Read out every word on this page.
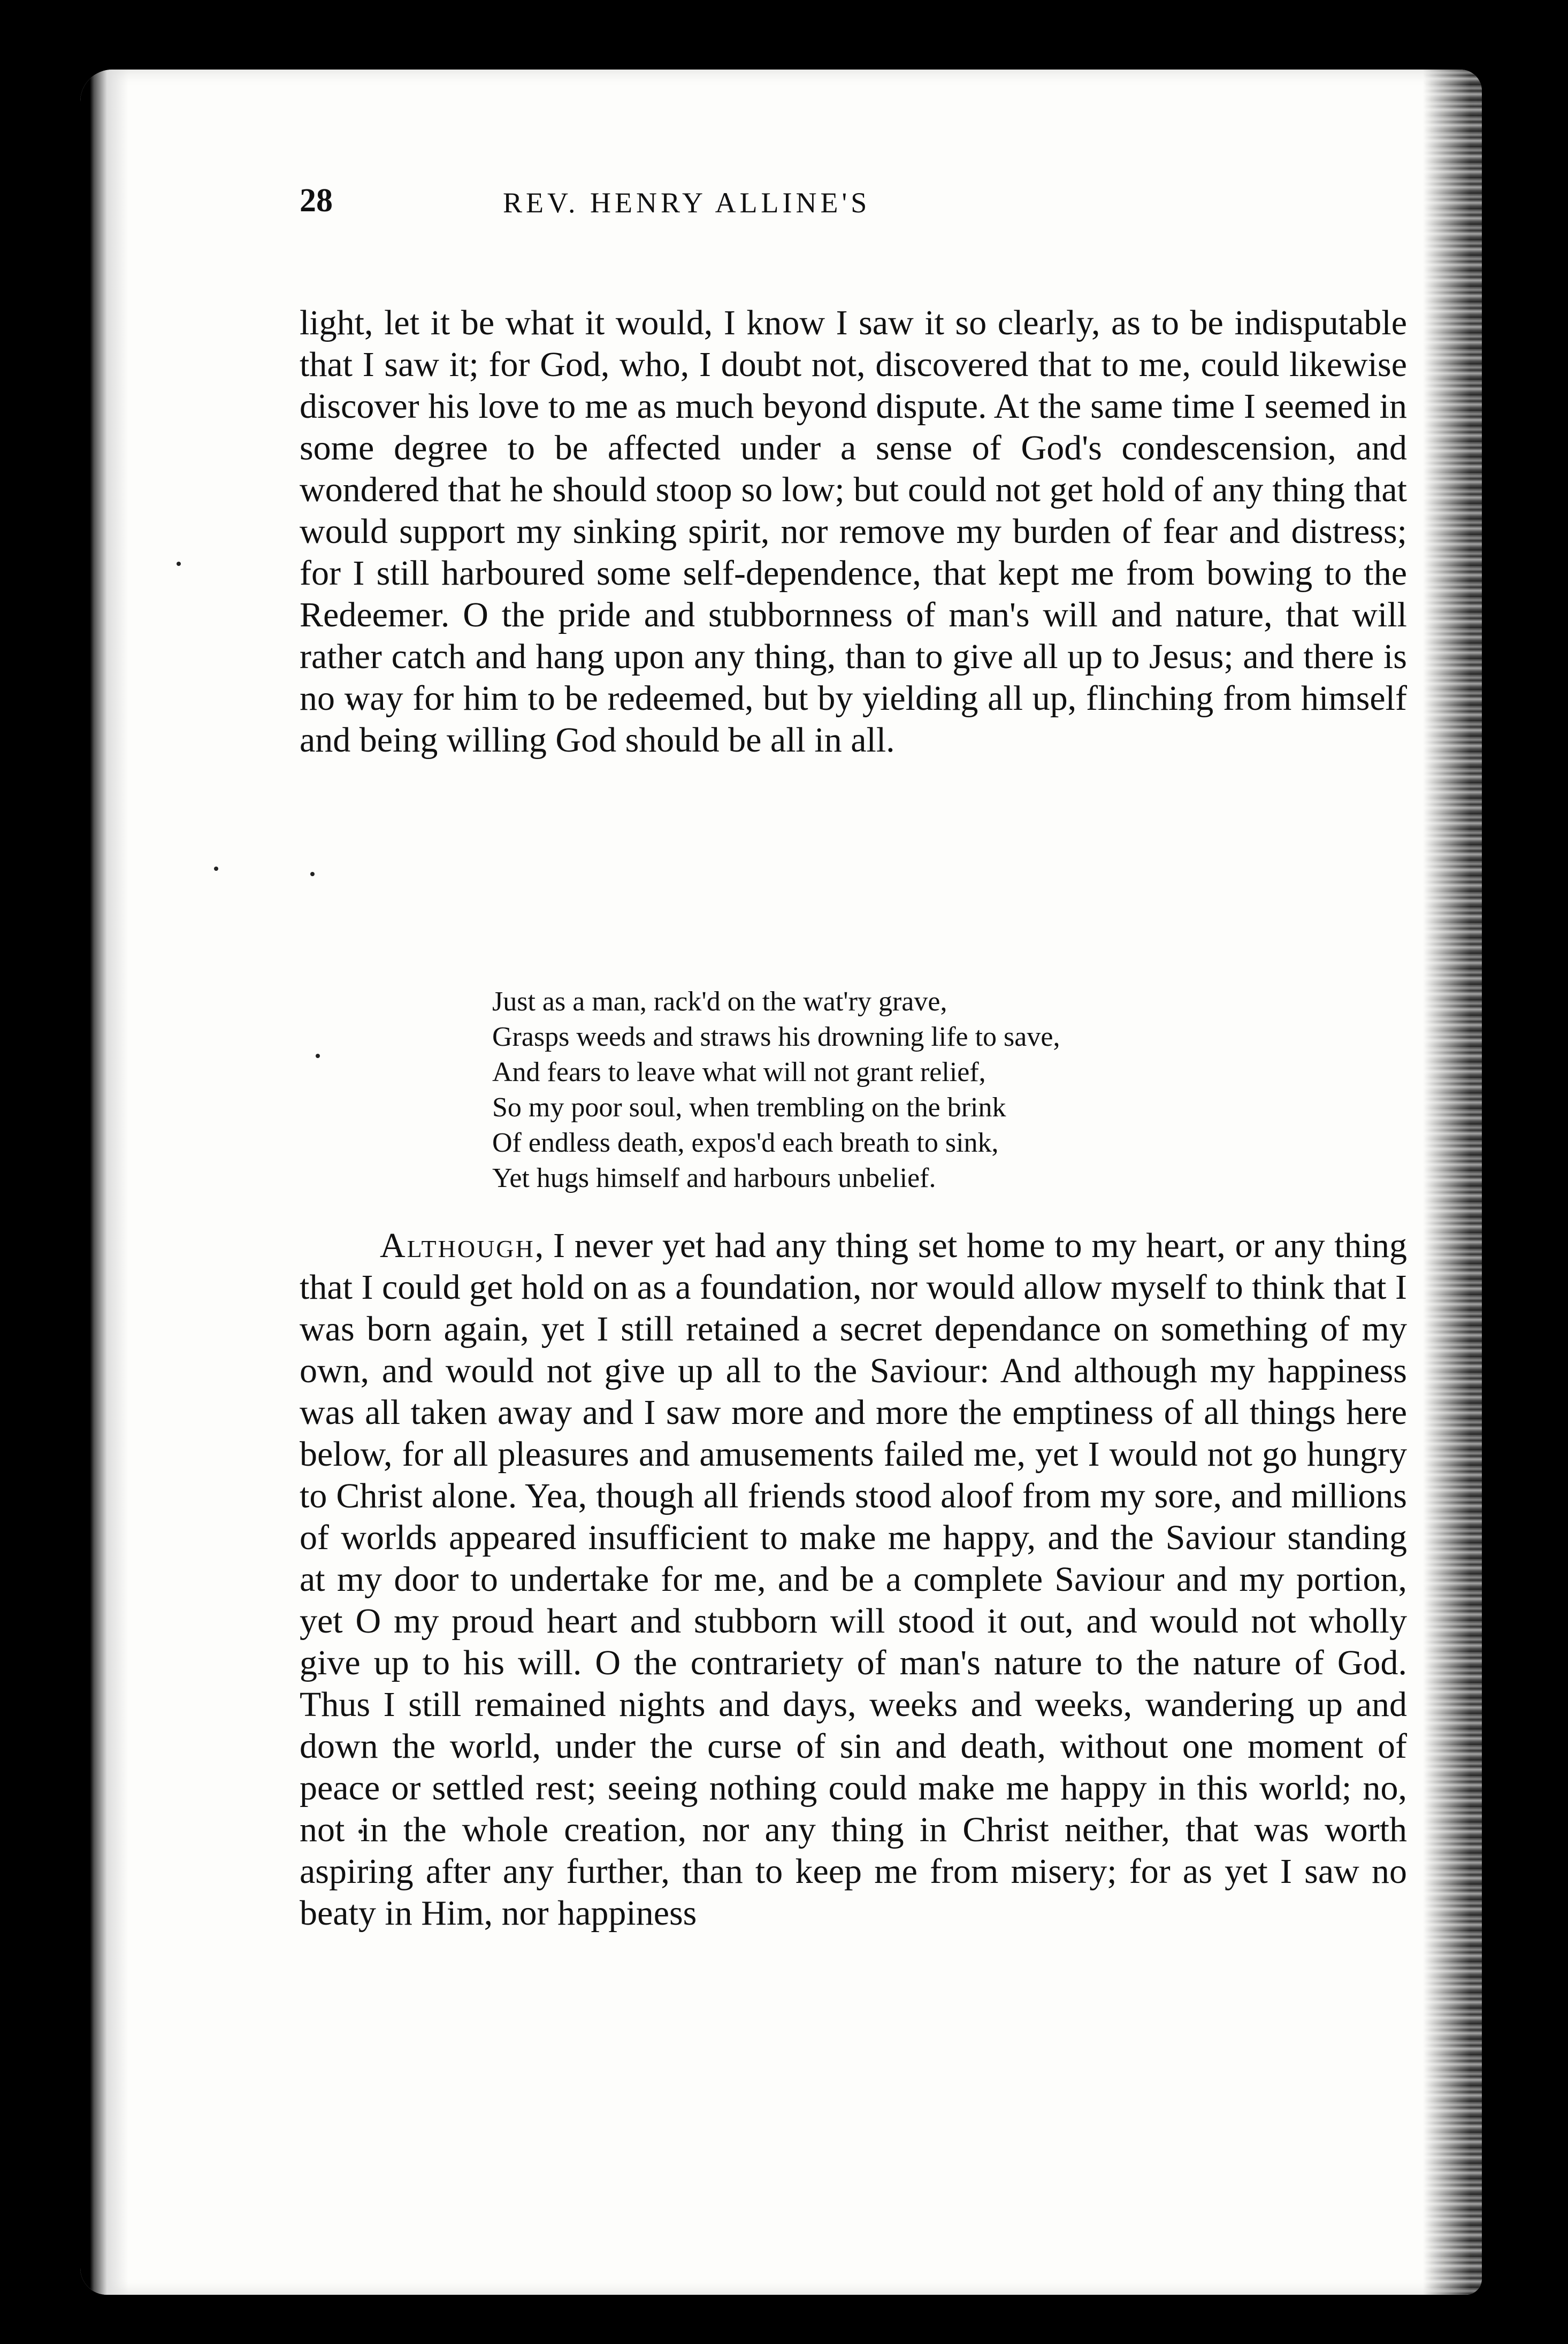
28	REV. HENRY ALLINE'S
light, let it be what it would, I know I saw it so clearly, as to be indisputable that I saw it; for God, who, I doubt not, discovered that to me, could likewise discover his love to me as much beyond dispute. At the same time I seemed in some degree to be affected under a sense of God's condescension, and wondered that he should stoop so low; but could not get hold of any thing that would support my sinking spirit, nor remove my burden of fear and distress; for I still harboured some self-dependence, that kept me from bowing to the Redeemer. O the pride and stubbornness of man's will and nature, that will rather catch and hang upon any thing, than to give all up to Jesus; and there is no way for him to be redeemed, but by yielding all up, flinching from himself and being willing God should be all in all.
Just as a man, rack'd on the wat'ry grave,
Grasps weeds and straws his drowning life to save,
And fears to leave what will not grant relief,
So my poor soul, when trembling on the brink
Of endless death, expos'd each breath to sink,
Yet hugs himself and harbours unbelief.
Although, I never yet had any thing set home to my heart, or any thing that I could get hold on as a foundation, nor would allow myself to think that I was born again, yet I still retained a secret dependance on something of my own, and would not give up all to the Saviour: And although my happiness was all taken away and I saw more and more the emptiness of all things here below, for all pleasures and amusements failed me, yet I would not go hungry to Christ alone. Yea, though all friends stood aloof from my sore, and millions of worlds appeared insufficient to make me happy, and the Saviour standing at my door to undertake for me, and be a complete Saviour and my portion, yet O my proud heart and stubborn will stood it out, and would not wholly give up to his will. O the contrariety of man's nature to the nature of God. Thus I still remained nights and days, weeks and weeks, wandering up and down the world, under the curse of sin and death, without one moment of peace or settled rest; seeing nothing could make me happy in this world; no, not in the whole creation, nor any thing in Christ neither, that was worth aspiring after any further, than to keep me from misery; for as yet I saw no beaty in Him, nor happiness
